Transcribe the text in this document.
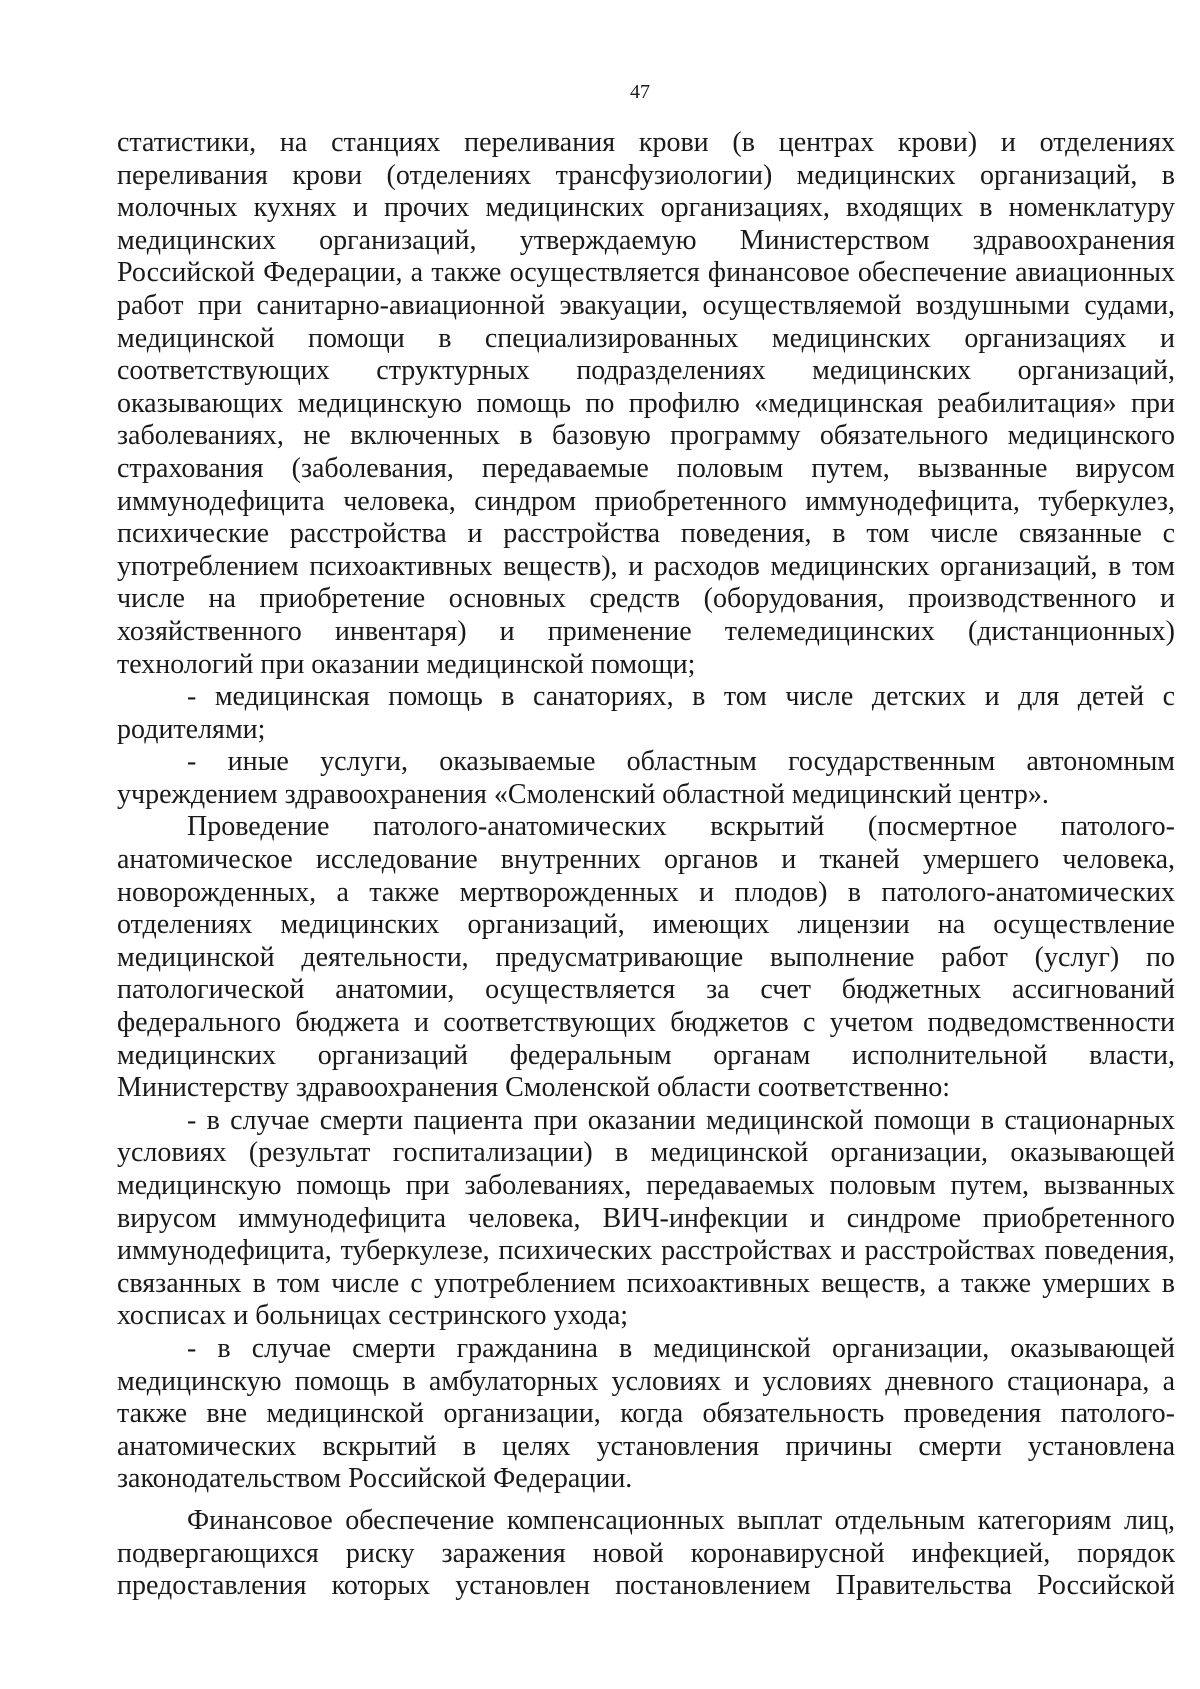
47

статистики, на станциях переливания крови (в центрах крови) и отделениях переливания крови (отделениях трансфузиологии) медицинских организаций, в молочных кухнях и прочих медицинских организациях, входящих в номенклатуру медицинских организаций, утверждаемую Министерством здравоохранения Российской Федерации, а также осуществляется финансовое обеспечение авиационных работ при санитарно-авиационной эвакуации, осуществляемой воздушными судами, медицинской помощи в специализированных медицинских организациях и соответствующих структурных подразделениях медицинских организаций, оказывающих медицинскую помощь по профилю «медицинская реабилитация» при заболеваниях, не включенных в базовую программу обязательного медицинского страхования (заболевания, передаваемые половым путем, вызванные вирусом иммунодефицита человека, синдром приобретенного иммунодефицита, туберкулез, психические расстройства и расстройства поведения, в том числе связанные с употреблением психоактивных веществ), и расходов медицинских организаций, в том числе на приобретение основных средств (оборудования, производственного и хозяйственного инвентаря) и применение телемедицинских (дистанционных) технологий при оказании медицинской помощи;

- медицинская помощь в санаториях, в том числе детских и для детей с родителями;

- иные услуги, оказываемые областным государственным автономным учреждением здравоохранения «Смоленский областной медицинский центр».

Проведение патолого-анатомических вскрытий (посмертное патолого-анатомическое исследование внутренних органов и тканей умершего человека, новорожденных, а также мертворожденных и плодов) в патолого-анатомических отделениях медицинских организаций, имеющих лицензии на осуществление медицинской деятельности, предусматривающие выполнение работ (услуг) по патологической анатомии, осуществляется за счет бюджетных ассигнований федерального бюджета и соответствующих бюджетов с учетом подведомственности медицинских организаций федеральным органам исполнительной власти, Министерству здравоохранения Смоленской области соответственно:

- в случае смерти пациента при оказании медицинской помощи в стационарных условиях (результат госпитализации) в медицинской организации, оказывающей медицинскую помощь при заболеваниях, передаваемых половым путем, вызванных вирусом иммунодефицита человека, ВИЧ-инфекции и синдроме приобретенного иммунодефицита, туберкулезе, психических расстройствах и расстройствах поведения, связанных в том числе с употреблением психоактивных веществ, а также умерших в хосписах и больницах сестринского ухода;

- в случае смерти гражданина в медицинской организации, оказывающей медицинскую помощь в амбулаторных условиях и условиях дневного стационара, а также вне медицинской организации, когда обязательность проведения патолого-анатомических вскрытий в целях установления причины смерти установлена законодательством Российской Федерации.

Финансовое обеспечение компенсационных выплат отдельным категориям лиц, подвергающихся риску заражения новой коронавирусной инфекцией, порядок предоставления которых установлен постановлением Правительства Российской
